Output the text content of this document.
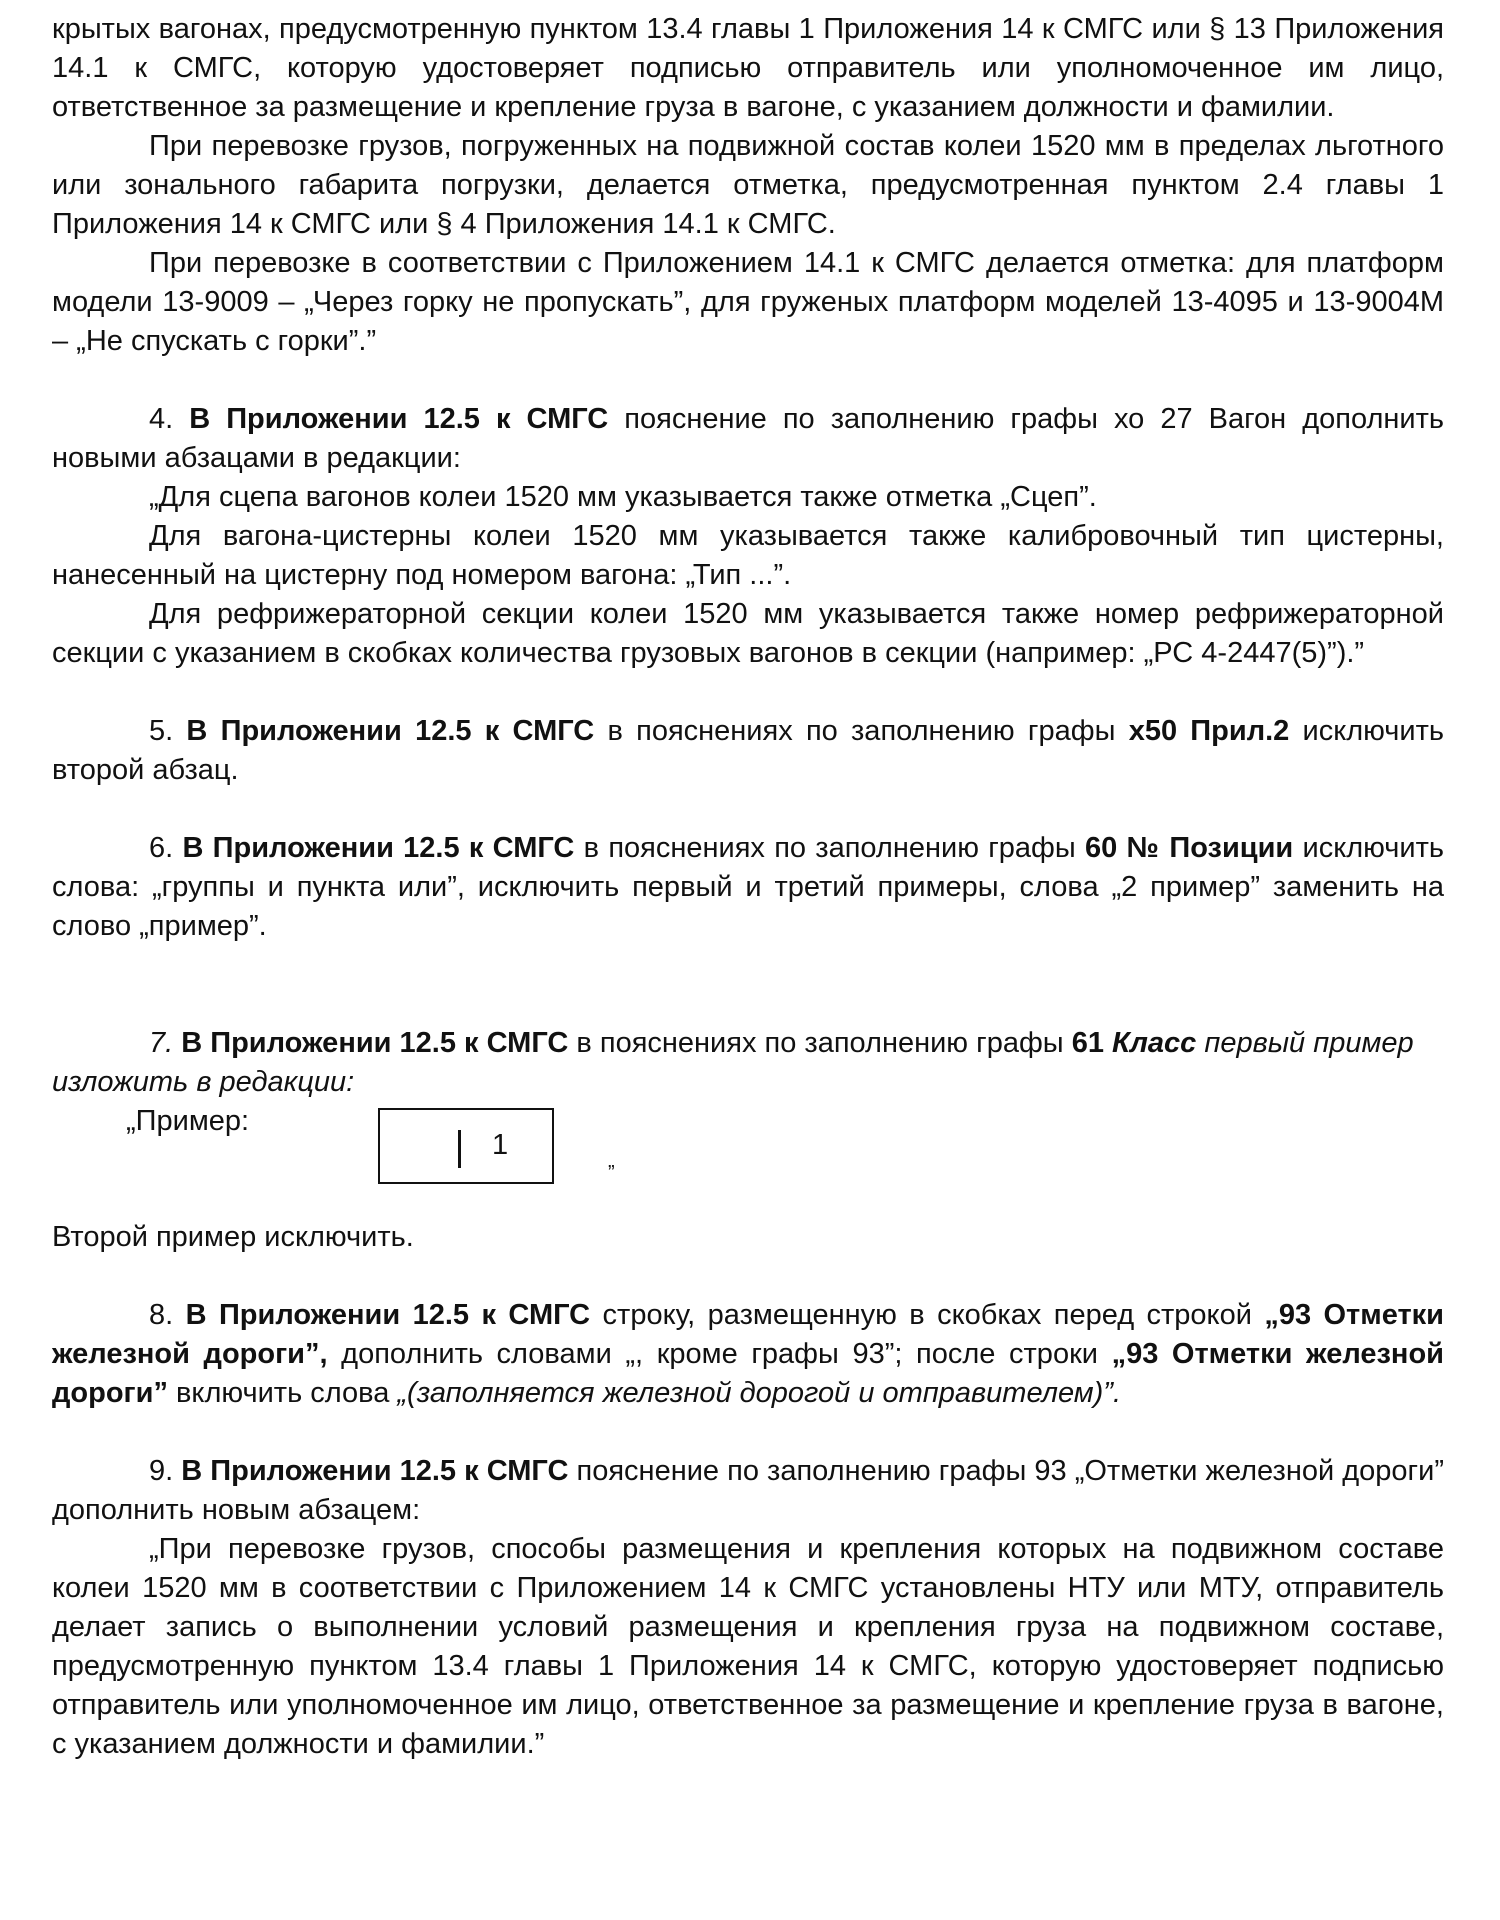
крытых вагонах, предусмотренную пунктом 13.4 главы 1 Приложения 14 к СМГС или § 13 Приложения 14.1 к СМГС, которую удостоверяет подписью отправитель или уполномоченное им лицо, ответственное за размещение и крепление груза в вагоне, с указанием должности и фамилии.

При перевозке грузов, погруженных на подвижной состав колеи 1520 мм в пределах льготного или зонального габарита погрузки, делается отметка, предусмотренная пунктом 2.4 главы 1 Приложения 14 к СМГС или § 4 Приложения 14.1 к СМГС.

При перевозке в соответствии с Приложением 14.1 к СМГС делается отметка: для платформ модели 13-9009 – „Через горку не пропускать”, для груженых платформ моделей 13-4095 и 13-9004М – „Не спускать с горки”.”

4. В Приложении 12.5 к СМГС пояснение по заполнению графы хо 27 Вагон дополнить новыми абзацами в редакции:

„Для сцепа вагонов колеи 1520 мм указывается также отметка „Сцеп”.

Для вагона-цистерны колеи 1520 мм указывается также калибровочный тип цистерны, нанесенный на цистерну под номером вагона: „Тип ...”.

Для рефрижераторной секции колеи 1520 мм указывается также номер рефрижераторной секции с указанием в скобках количества грузовых вагонов в секции (например: „РС 4-2447(5)”).”

5. В Приложении 12.5 к СМГС в пояснениях по заполнению графы x50 Прил.2 исключить второй абзац.

6. В Приложении 12.5 к СМГС в пояснениях по заполнению графы 60 № Позиции исключить слова: „группы и пункта или”, исключить первый и третий примеры, слова „2 пример” заменить на слово „пример”.

7. В Приложении 12.5 к СМГС в пояснениях по заполнению графы 61 Класс первый пример изложить в редакции:

„Пример:
1	„

Второй пример исключить.

8. В Приложении 12.5 к СМГС строку, размещенную в скобках перед строкой „93 Отметки железной дороги”, дополнить словами „, кроме графы 93”; после строки „93 Отметки железной дороги” включить слова „(заполняется железной дорогой и отправителем)”.

9. В Приложении 12.5 к СМГС пояснение по заполнению графы 93 „Отметки железной дороги” дополнить новым абзацем:

„При перевозке грузов, способы размещения и крепления которых на подвижном составе колеи 1520 мм в соответствии с Приложением 14 к СМГС установлены НТУ или МТУ, отправитель делает запись о выполнении условий размещения и крепления груза на подвижном составе, предусмотренную пунктом 13.4 главы 1 Приложения 14 к СМГС, которую удостоверяет подписью отправитель или уполномоченное им лицо, ответственное за размещение и крепление груза в вагоне, с указанием должности и фамилии.”
